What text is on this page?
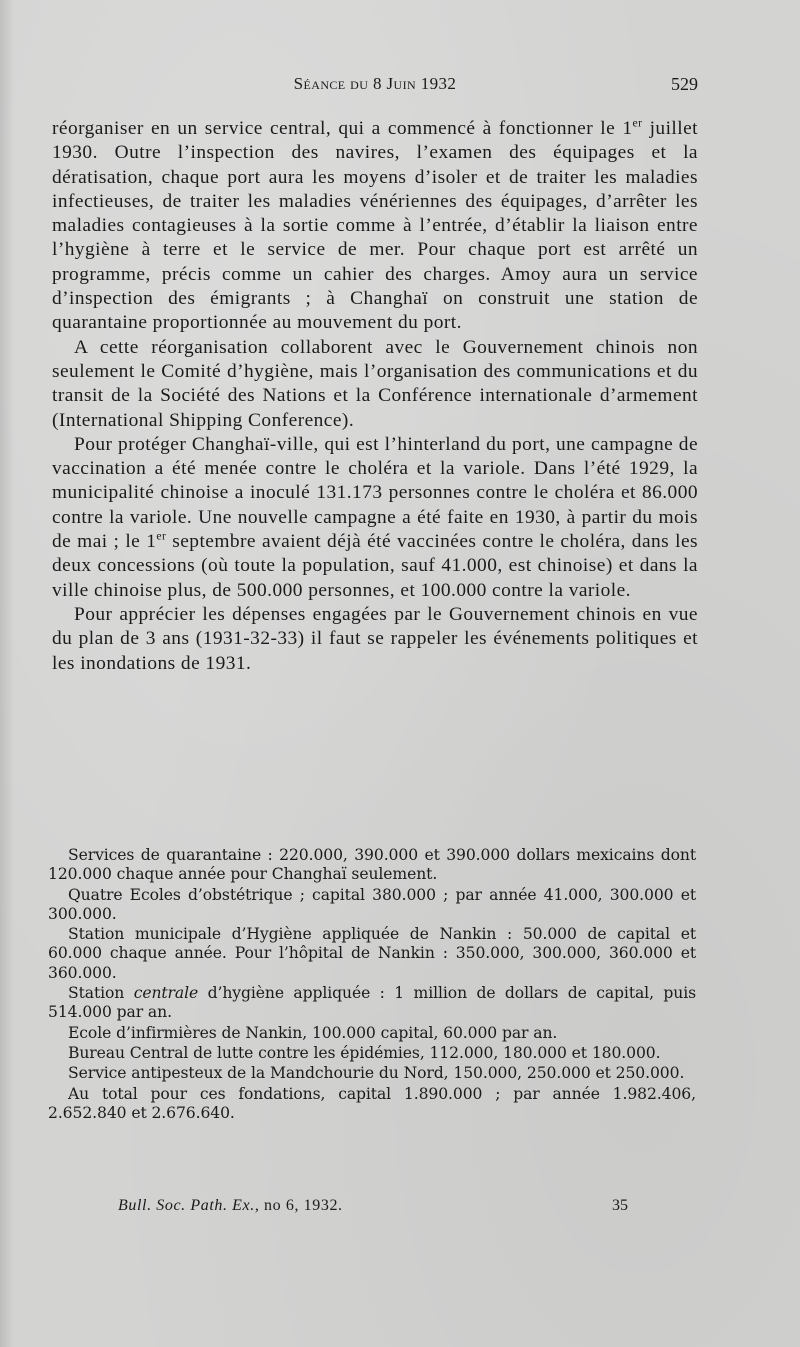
Séance du 8 Juin 1932	529

réorganiser en un service central, qui a commencé à fonctionner le 1er juillet 1930. Outre l’inspection des navires, l’examen des équipages et la dératisation, chaque port aura les moyens d’isoler et de traiter les maladies infectieuses, de traiter les maladies vénériennes des équipages, d’arrêter les maladies contagieuses à la sortie comme à l’entrée, d’établir la liaison entre l’hygiène à terre et le service de mer. Pour chaque port est arrêté un programme, précis comme un cahier des charges. Amoy aura un service d’inspection des émigrants ; à Changhaï on construit une station de quarantaine proportionnée au mouvement du port.

A cette réorganisation collaborent avec le Gouvernement chinois non seulement le Comité d’hygiène, mais l’organisation des communications et du transit de la Société des Nations et la Conférence internationale d’armement (International Shipping Conference).

Pour protéger Changhaï-ville, qui est l’hinterland du port, une campagne de vaccination a été menée contre le choléra et la variole. Dans l’été 1929, la municipalité chinoise a inoculé 131.173 personnes contre le choléra et 86.000 contre la variole. Une nouvelle campagne a été faite en 1930, à partir du mois de mai ; le 1er septembre avaient déjà été vaccinées contre le choléra, dans les deux concessions (où toute la population, sauf 41.000, est chinoise) et dans la ville chinoise plus, de 500.000 personnes, et 100.000 contre la variole.

Pour apprécier les dépenses engagées par le Gouvernement chinois en vue du plan de 3 ans (1931-32-33) il faut se rappeler les événements politiques et les inondations de 1931.

Services de quarantaine : 220.000, 390.000 et 390.000 dollars mexicains dont 120.000 chaque année pour Changhaï seulement.

Quatre Ecoles d’obstétrique ; capital 380.000 ; par année 41.000, 300.000 et 300.000.

Station municipale d’Hygiène appliquée de Nankin : 50.000 de capital et 60.000 chaque année. Pour l’hôpital de Nankin : 350.000, 300.000, 360.000 et 360.000.

Station centrale d’hygiène appliquée : 1 million de dollars de capital, puis 514.000 par an.

Ecole d’infirmières de Nankin, 100.000 capital, 60.000 par an.

Bureau Central de lutte contre les épidémies, 112.000, 180.000 et 180.000.

Service antipesteux de la Mandchourie du Nord, 150.000, 250.000 et 250.000.

Au total pour ces fondations, capital 1.890.000 ; par année 1.982.406, 2.652.840 et 2.676.640.

Bull. Soc. Path. Ex., no 6, 1932.	35
